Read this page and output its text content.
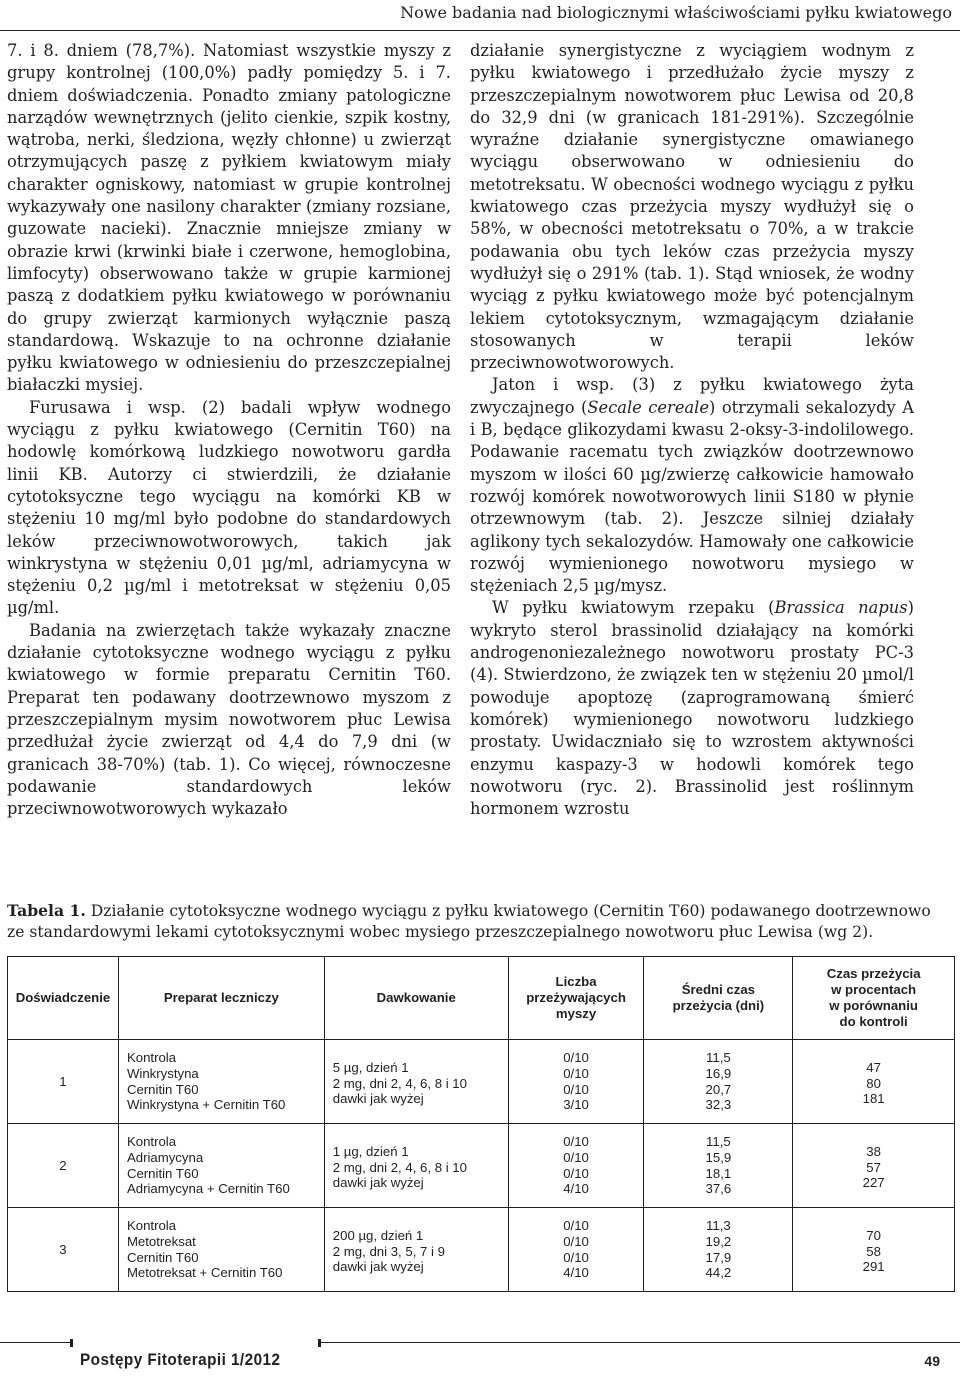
Nowe badania nad biologicznymi właściwościami pyłku kwiatowego

7. i 8. dniem (78,7%). Natomiast wszystkie myszy z grupy kontrolnej (100,0%) padły pomiędzy 5. i 7. dniem doświadczenia. Ponadto zmiany patologiczne narządów wewnętrznych (jelito cienkie, szpik kostny, wątroba, nerki, śledziona, węzły chłonne) u zwierząt otrzymujących paszę z pyłkiem kwiatowym miały charakter ogniskowy, natomiast w grupie kontrolnej wykazywały one nasilony charakter (zmiany rozsiane, guzowate nacieki). Znacznie mniejsze zmiany w obrazie krwi (krwinki białe i czerwone, hemoglobina, limfocyty) obserwowano także w grupie karmionej paszą z dodatkiem pyłku kwiatowego w porównaniu do grupy zwierząt karmionych wyłącznie paszą standardową. Wskazuje to na ochronne działanie pyłku kwiatowego w odniesieniu do przeszczepialnej białaczki mysiej.

Furusawa i wsp. (2) badali wpływ wodnego wyciągu z pyłku kwiatowego (Cernitin T60) na hodowlę komórkową ludzkiego nowotworu gardła linii KB. Autorzy ci stwierdzili, że działanie cytotoksyczne tego wyciągu na komórki KB w stężeniu 10 mg/ml było podobne do standardowych leków przeciwnowotworowych, takich jak winkrystyna w stężeniu 0,01 µg/ml, adriamycyna w stężeniu 0,2 µg/ml i metotreksat w stężeniu 0,05 µg/ml.

Badania na zwierzętach także wykazały znaczne działanie cytotoksyczne wodnego wyciągu z pyłku kwiatowego w formie preparatu Cernitin T60. Preparat ten podawany dootrzewnowo myszom z przeszczepialnym mysim nowotworem płuc Lewisa przedłużał życie zwierząt od 4,4 do 7,9 dni (w granicach 38-70%) (tab. 1). Co więcej, równoczesne podawanie standardowych leków przeciwnowotworowych wykazało

działanie synergistyczne z wyciągiem wodnym z pyłku kwiatowego i przedłużało życie myszy z przeszczepialnym nowotworem płuc Lewisa od 20,8 do 32,9 dni (w granicach 181-291%). Szczególnie wyraźne działanie synergistyczne omawianego wyciągu obserwowano w odniesieniu do metotreksatu. W obecności wodnego wyciągu z pyłku kwiatowego czas przeżycia myszy wydłużył się o 58%, w obecności metotreksatu o 70%, a w trakcie podawania obu tych leków czas przeżycia myszy wydłużył się o 291% (tab. 1). Stąd wniosek, że wodny wyciąg z pyłku kwiatowego może być potencjalnym lekiem cytotoksycznym, wzmagającym działanie stosowanych w terapii leków przeciwnowotworowych.

Jaton i wsp. (3) z pyłku kwiatowego żyta zwyczajnego (Secale cereale) otrzymali sekalozydy A i B, będące glikozydami kwasu 2-oksy-3-indolilowego. Podawanie racematu tych związków dootrzewnowo myszom w ilości 60 µg/zwierzę całkowicie hamowało rozwój komórek nowotworowych linii S180 w płynie otrzewnowym (tab. 2). Jeszcze silniej działały aglikony tych sekalozydów. Hamowały one całkowicie rozwój wymienionego nowotworu mysiego w stężeniach 2,5 µg/mysz.

W pyłku kwiatowym rzepaku (Brassica napus) wykryto sterol brassinolid działający na komórki androgenoniezależnego nowotworu prostaty PC-3 (4). Stwierdzono, że związek ten w stężeniu 20 µmol/l powoduje apoptozę (zaprogramowaną śmierć komórek) wymienionego nowotworu ludzkiego prostaty. Uwidaczniało się to wzrostem aktywności enzymu kaspazy-3 w hodowli komórek tego nowotworu (ryc. 2). Brassinolid jest roślinnym hormonem wzrostu

Tabela 1. Działanie cytotoksyczne wodnego wyciągu z pyłku kwiatowego (Cernitin T60) podawanego dootrzewnowo ze standardowymi lekami cytotoksycznymi wobec mysiego przeszczepialnego nowotworu płuc Lewisa (wg 2).
Doświadczenie	Preparat leczniczy	Dawkowanie	Liczba
przeżywających
myszy	Średni czas
przeżycia (dni)	Czas przeżycia
w procentach
w porównaniu
do kontroli

1	Kontrola
Winkrystyna
Cernitin T60
Winkrystyna + Cernitin T60	5 µg, dzień 1
2 mg, dni 2, 4, 6, 8 i 10
dawki jak wyżej	0/10
0/10
0/10
3/10	11,5
16,9
20,7
32,3	47
80
181

2	Kontrola
Adriamycyna
Cernitin T60
Adriamycyna + Cernitin T60	1 µg, dzień 1
2 mg, dni 2, 4, 6, 8 i 10
dawki jak wyżej	0/10
0/10
0/10
4/10	11,5
15,9
18,1
37,6	38
57
227

3	Kontrola
Metotreksat
Cernitin T60
Metotreksat + Cernitin T60	200 µg, dzień 1
2 mg, dni 3, 5, 7 i 9
dawki jak wyżej	0/10
0/10
0/10
4/10	11,3
19,2
17,9
44,2	70
58
291
Postępy Fitoterapii 1/2012	49
